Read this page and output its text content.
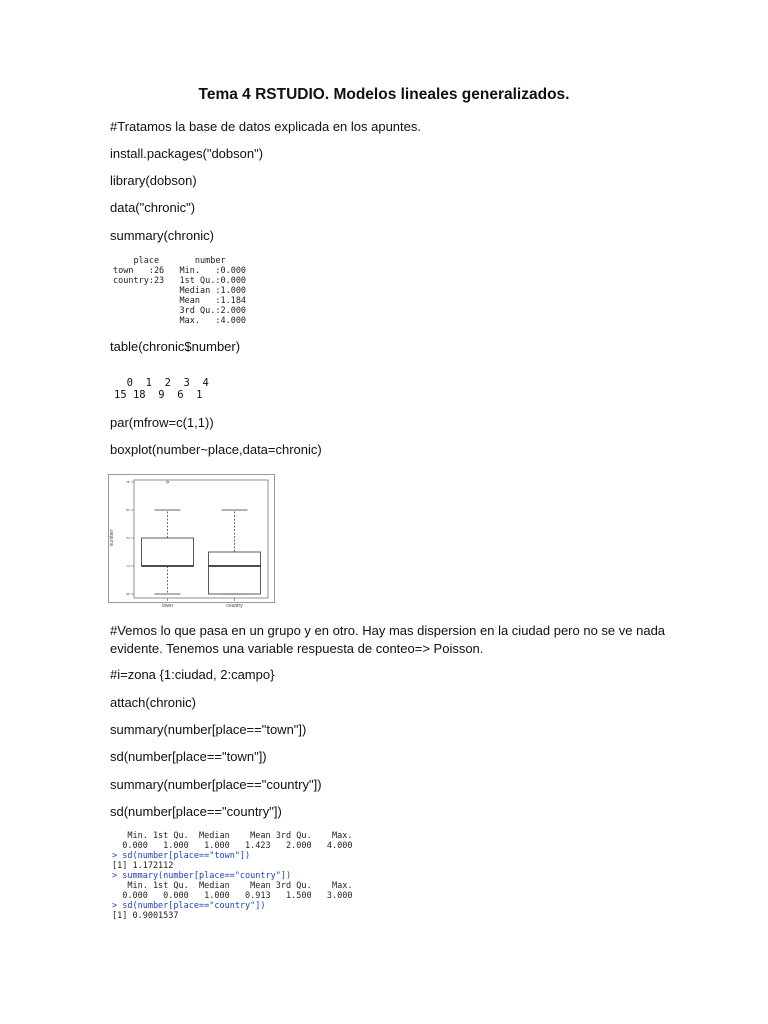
Tema 4 RSTUDIO. Modelos lineales generalizados.
#Tratamos la base de datos explicada en los apuntes.
install.packages("dobson")
library(dobson)
data("chronic")
summary(chronic)
place       number
town   :26   Min.   :0.000
country:23   1st Qu.:0.000
Median :1.000
Mean   :1.184
3rd Qu.:2.000
Max.   :4.000
table(chronic$number)
0  1  2  3  4
15 18  9  6  1
par(mfrow=c(1,1))
boxplot(number~place,data=chronic)
0
1
2
3
4
number
town	country
#Vemos lo que pasa en un grupo y en otro. Hay mas dispersion en la ciudad pero no se ve nada evidente. Tenemos una variable respuesta de conteo=> Poisson.
#i=zona {1:ciudad, 2:campo}
attach(chronic)
summary(number[place=="town"])
sd(number[place=="town"])
summary(number[place=="country"])
sd(number[place=="country"])
Min. 1st Qu.  Median    Mean 3rd Qu.    Max.
0.000   1.000   1.000   1.423   2.000   4.000
> sd(number[place=="town"])
[1] 1.172112
> summary(number[place=="country"])
Min. 1st Qu.  Median    Mean 3rd Qu.    Max.
0.000   0.000   1.000   0.913   1.500   3.000
> sd(number[place=="country"])
[1] 0.9001537
